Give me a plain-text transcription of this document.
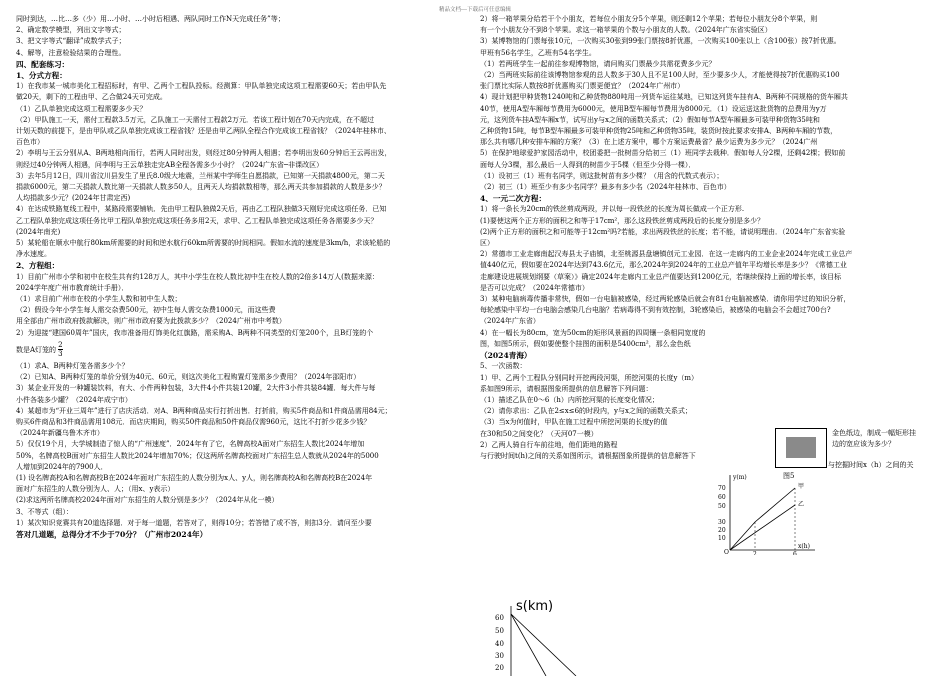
精品文档---下载后可任意编辑

同时到达，…比…多（少）用…小时、…小时后相遇、两队同时工作N天完成任务”等；

2、确定数学模型，列出文字等式；

3、把文字等式“翻译”成数学式子；

4、解等，注意检验结果的合理性。

四、配套练习：

1、分式方程：

1）在我市某一城市美化工程招标时，有甲、乙两个工程队投标。经测算：甲队单独完成这项工程需要60天；若由甲队先

做20天，剩下的工程由甲、乙合做24天可完成。

（1）乙队单独完成这项工程需要多少天？

（2）甲队施工一天，需付工程款3.5万元，乙队施工一天需付工程款2万元．若该工程计划在70天内完成，在不超过

计划天数的前提下，是由甲队或乙队单独完成该工程省钱？还是由甲乙两队全程合作完成该工程省钱？（2024年桂林市、

百色市）

2）李明与王云分别从A、B两地相向而行，若两人同时出发，则经过80分钟两人相遇；若李明出发60分钟后王云再出发，

则经过40分钟两人相遇，问李明与王云单独走完AB全程各需多少小时？（2024广东省─非课改区）

3）去年5月12日，四川省汶川县发生了里氏8.0级大地震，兰州某中学师生自愿捐款，已知第一天捐款4800元，第二天

捐款6000元，第二天捐款人数比第一天捐款人数多50人，且两天人均捐款数相等，那么两天共参加捐款的人数是多少？

人均捐款多少元？(2024年甘肃定西)

4）在达成铁路复线工程中，某路段需要铺轨．先由甲工程队独做2天后，再由乙工程队独做3天刚好完成这项任务．已知

乙工程队单独完成这项任务比甲工程队单独完成这项任务多用2天，求甲、乙工程队单独完成这项任务各需要多少天？

(2024年南充)

5）某轮船在顺水中航行80km所需要的时间和逆水航行60km所需要的时间相同。假如水流的速度是3km/h，求该轮船的

净水速度。

2、方程组：

1）目前广州市小学和初中在校生共有约128万人，其中小学生在校人数比初中生在校人数的2倍多14万人(数据来源：

2024学年度广州市教育统计手册）．

（1）求目前广州市在校的小学生人数和初中生人数；

（2）假设今年小学生每人需交杂费500元，初中生每人需交杂费1000元，而这些费

用全部由广州市政府拨款解决，则广州市政府要为此拨款多少？（2024广州市中考数）

2）为迎接“建国60周年”国庆，我市准备用灯饰美化红旗路，需采购A、B两种不同类型的灯笼200个，且B灯笼的个

数是A灯笼的 $\frac{2}{3}$

（1）求A、B两种灯笼各需多少个？

（2）已知A、B两种灯笼的单价分别为40元、60元，则这次美化工程购置灯笼需多少费用？（2024年邵阳市）

3）某企业开发的一种罐装饮料，有大、小件两种包装，3大件4小件共装120罐，2大件3小件共装84罐．每大件与每

小件各装多少罐？（2024年成宁市）

4）某超市为“开业三周年”进行了店庆活动．对A、B两种商品实行打折出售．打折前，购买5件商品和1件商品需用84元；

购买6件商品和3件商品需用108元．而店庆期间，购买50件商品和50件商品仅需960元，这比不打折少花多少钱？

（2024年新疆乌鲁木齐市）

5）仅仅19个月，大学城制造了惊人的“广州速度”．2024年有了它，名牌高校A面对广东招生人数比2024年增加

50%，名牌高校B面对广东招生人数比2024年增加70%；仅这两所名牌高校面对广东招生总人数就从2024年的5000

人增加到2024年的7900人．

(1) 设名牌高校A和名牌高校B在2024年面对广东招生的人数分别为x人、y人，则名牌高校A和名牌高校B在2024年

面对广东招生的人数分别为人、人；（用x、y表示）

(2)求这两所名牌高校2024年面对广东招生的人数分别是多少？（2024年从化一模）

3、不等式（组）：

1）某次知识竞赛共有20道选择题．对于每一道题，若答对了，则得10分；若答错了或不答，则扣3分．请问至少要

答对几道题，总得分才不少于70分？（广州市2024年）

2）将一箱苹果分给若干个小朋友，若每位小朋友分5个苹果，则还剩12个苹果；若每位小朋友分8个苹果，则

有一个小朋友分不到8个苹果。求这一箱苹果的个数与小朋友的人数。（2024年广东省实验区）

3）某博物馆的门票每张10元，一次购买30张到99张门票按8折优惠，一次购买100张以上（含100张）按7折优惠。

甲班有56名学生，乙班有54名学生。

（1）若两班学生一起前往参观博物馆，请问购买门票最少共需花费多少元？

（2）当两班实际前往该博物馆参观的总人数多于30人且不足100人时，至少要多少人，才能使得按7折优惠购买100

张门票比实际人数按8折优惠购买门票更便宜？（2024年广州市）

4）现计划把甲种货物1240吨和乙种货物880吨用一列货车运往某地，已知这列货车挂有A、B两种不同规格的货车厢共

40节，使用A型车厢每节费用为6000元，使用B型车厢每节费用为8000元．（1）设运送这批货物的总费用为y万

元，这列货车挂A型车厢x节，试写出y与x之间的函数关系式；（2）假如每节A型车厢最多可装甲种货物35吨和

乙种货物15吨，每节B型车厢最多可装甲种货物25吨和乙种货物35吨，装货时按此要求安排A、B两种车厢的节数，

那么共有哪几种安排车厢的方案？（3）在上述方案中，哪个方案运费最省？最少运费为多少元？（2024广州

5）在保护地球爱护家园活动中，校团委把一批树苗分给初三（1）班同学去栽种．假如每人分2棵，还剩42棵；假如前

面每人分3棵，那么最后一人得到的树苗少于5棵（但至少分得一棵）．

（1）设初三（1）班有名同学，则这批树苗有多少棵？（用含的代数式表示）；

（2）初三（1）班至少有多少名同学？最多有多少名（2024年桂林市、百色市）

4、一元二次方程：

1）将一条长为20cm的铁丝剪成两段，并以每一段铁丝的长度为周长做成一个正方形.

(1)要使这两个正方形的面积之和等于17cm²，那么这段铁丝剪成两段后的长度分别是多少？

(2)两个正方形的面积之和可能等于12cm²吗?若能，求出两段铁丝的长度；若不能，请说明理由．（2024年广东省实验

区）

2）常德市工业走廊南起汉寿县太子庙镇，北至桃源县盘塘镇创元工业园．在这一走廊内的工业企业2024年完成工业总产

值440亿元，假如要在2024年达到743.6亿元，那么2024年到2024年的工业总产值年平均增长率是多少？《常德工业

走廊建设进展规划纲要（草案）》确定2024年走廊内工业总产值要达到1200亿元，若继续保持上面的增长率，该目标

是否可以完成？（2024年常德市）

3）某种电脑病毒传播非常快，假如一台电脑被感染，经过两轮感染后就会有81台电脑被感染．请你用学过的知识分析，

每轮感染中平均一台电脑会感染几台电脑？若病毒得不到有效控制，3轮感染后，被感染的电脑会不会超过700台?

（2024年广东省）

4）在一幅长为80cm，宽为50cm的矩形风景画的四周镶一条相同宽度的

图，如图5所示，假如要使整个挂图的面积是5400cm²，那么金色纸

（2024青海）

5、一次函数：

1）甲、乙两个工程队分别同时开挖两段河渠，所挖河渠的长度y（m）

系如图9所示，请根据图象所提供的信息解答下列问题：

（1）描述乙队在0～6（h）内所挖河渠的长度变化情况；

（2）请你求出：乙队在2≤x≤6的时段内，y与x之间的函数关系式；

（3）当x为何值时，甲队在施工过程中所挖河渠的长度y的值

在30和50之间变化？（天河07一模）

2）乙两人骑自行车前往地，他们距地的路程

与行驶时间t(h)之间的关系如图所示，请根据图象所提供的信息解答下

图5
金色纸边，制成一幅矩形挂
边的宽应该为多少？
与挖掘时间x（h）之间的关
y(m)
x(h)
O	2	6
70
60
50
30
20
10
甲
乙
s(km)
60
50
40
30
20
